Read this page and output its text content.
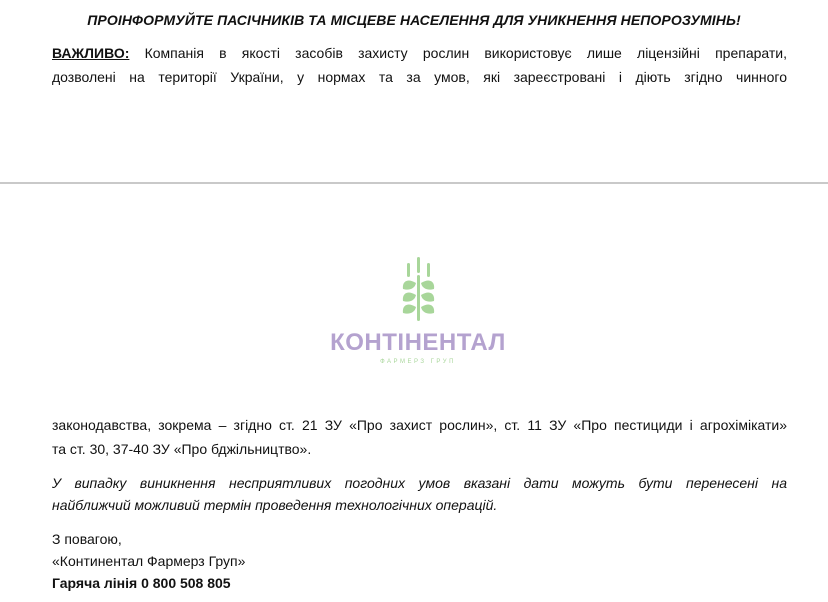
ПРОІНФОРМУЙТЕ ПАСІЧНИКІВ ТА МІСЦЕВЕ НАСЕЛЕННЯ ДЛЯ УНИКНЕННЯ НЕПОРОЗУМІНЬ!
ВАЖЛИВО: Компанія в якості засобів захисту рослин використовує лише ліцензійні препарати,
дозволені на території України, у нормах та за умов, які зареєстровані і діють згідно чинного
КОНТІНЕНТАЛ
ФАРМЕРЗ ГРУП
законодавства, зокрема – згідно ст. 21 ЗУ «Про захист рослин», ст. 11 ЗУ «Про пестициди і агрохімікати»
та ст. 30, 37-40 ЗУ «Про бджільництво».
У випадку виникнення несприятливих погодних умов вказані дати можуть бути перенесені на
найближчий можливий термін проведення технологічних операцій.
З повагою,
«Континентал Фармерз Груп»
Гаряча лінія 0 800 508 805
